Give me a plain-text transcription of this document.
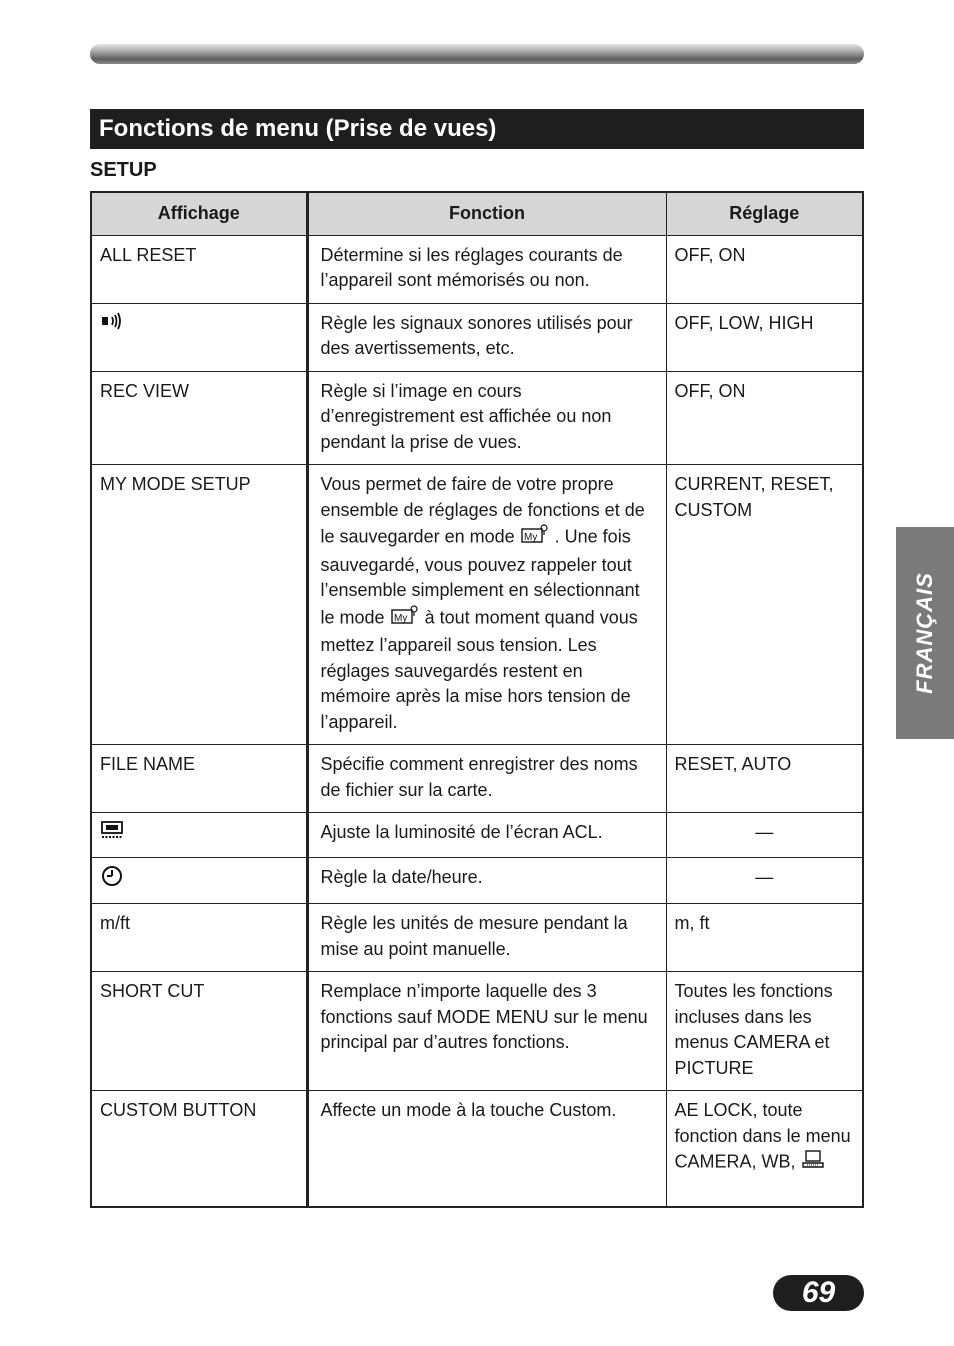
Fonctions de menu (Prise de vues)
SETUP
Affichage	Fonction	Réglage
ALL RESET	Détermine si les réglages courants de l’appareil sont mémorisés ou non.	OFF, ON
	Règle les signaux sonores utilisés pour des avertissements, etc.	OFF, LOW, HIGH
REC VIEW	Règle si l’image en cours d’enregistrement est affichée ou non pendant la prise de vues.	OFF, ON
MY MODE SETUP	Vous permet de faire de votre propre ensemble de réglages de fonctions et de le sauvegarder en mode My . Une fois sauvegardé, vous pouvez rappeler tout l’ensemble simplement en sélectionnant le mode My à tout moment quand vous mettez l’appareil sous tension. Les réglages sauvegardés restent en mémoire après la mise hors tension de l’appareil.	CURRENT, RESET, CUSTOM
FILE NAME	Spécifie comment enregistrer des noms de fichier sur la carte.	RESET, AUTO
	Ajuste la luminosité de l’écran ACL.	—
	Règle la date/heure.	—
m/ft	Règle les unités de mesure pendant la mise au point manuelle.	m, ft
SHORT CUT	Remplace n’importe laquelle des 3 fonctions sauf MODE MENU sur le menu principal par d’autres fonctions.	Toutes les fonctions incluses dans les menus CAMERA et PICTURE
CUSTOM BUTTON	Affecte un mode à la touche Custom.	AE LOCK, toute fonction dans le menu CAMERA, WB,
FRANÇAIS
69
